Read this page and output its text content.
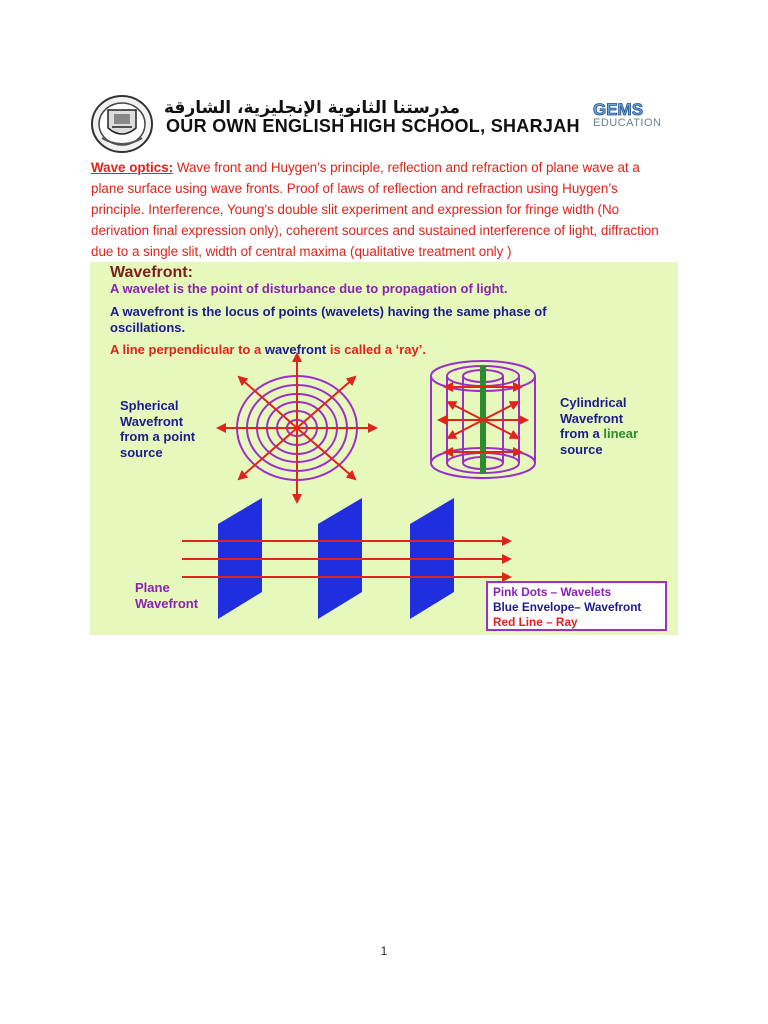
مدرستنا الثانوية الإنجليزية، الشارقة
OUR OWN ENGLISH HIGH SCHOOL, SHARJAH
GEMS
EDUCATION
Wave optics: Wave front and Huygen’s principle, reflection and refraction of plane wave at a plane surface using wave fronts. Proof of laws of reflection and refraction using Huygen’s principle. Interference, Young's double slit experiment and expression for fringe width (No derivation final expression only), coherent sources and sustained interference of light, diffraction due to a single slit, width of central maxima (qualitative treatment only )
Wavefront:
A wavelet is the point of disturbance due to propagation of light.
A wavefront is the locus of points (wavelets) having the same phase of
oscillations.
A line perpendicular to a wavefront is called a ‘ray’.
Spherical
Wavefront
from a point
source
Cylindrical
Wavefront
from a linear
source
Plane
Wavefront
Pink Dots – Wavelets
Blue Envelope– Wavefront
Red Line – Ray
1
